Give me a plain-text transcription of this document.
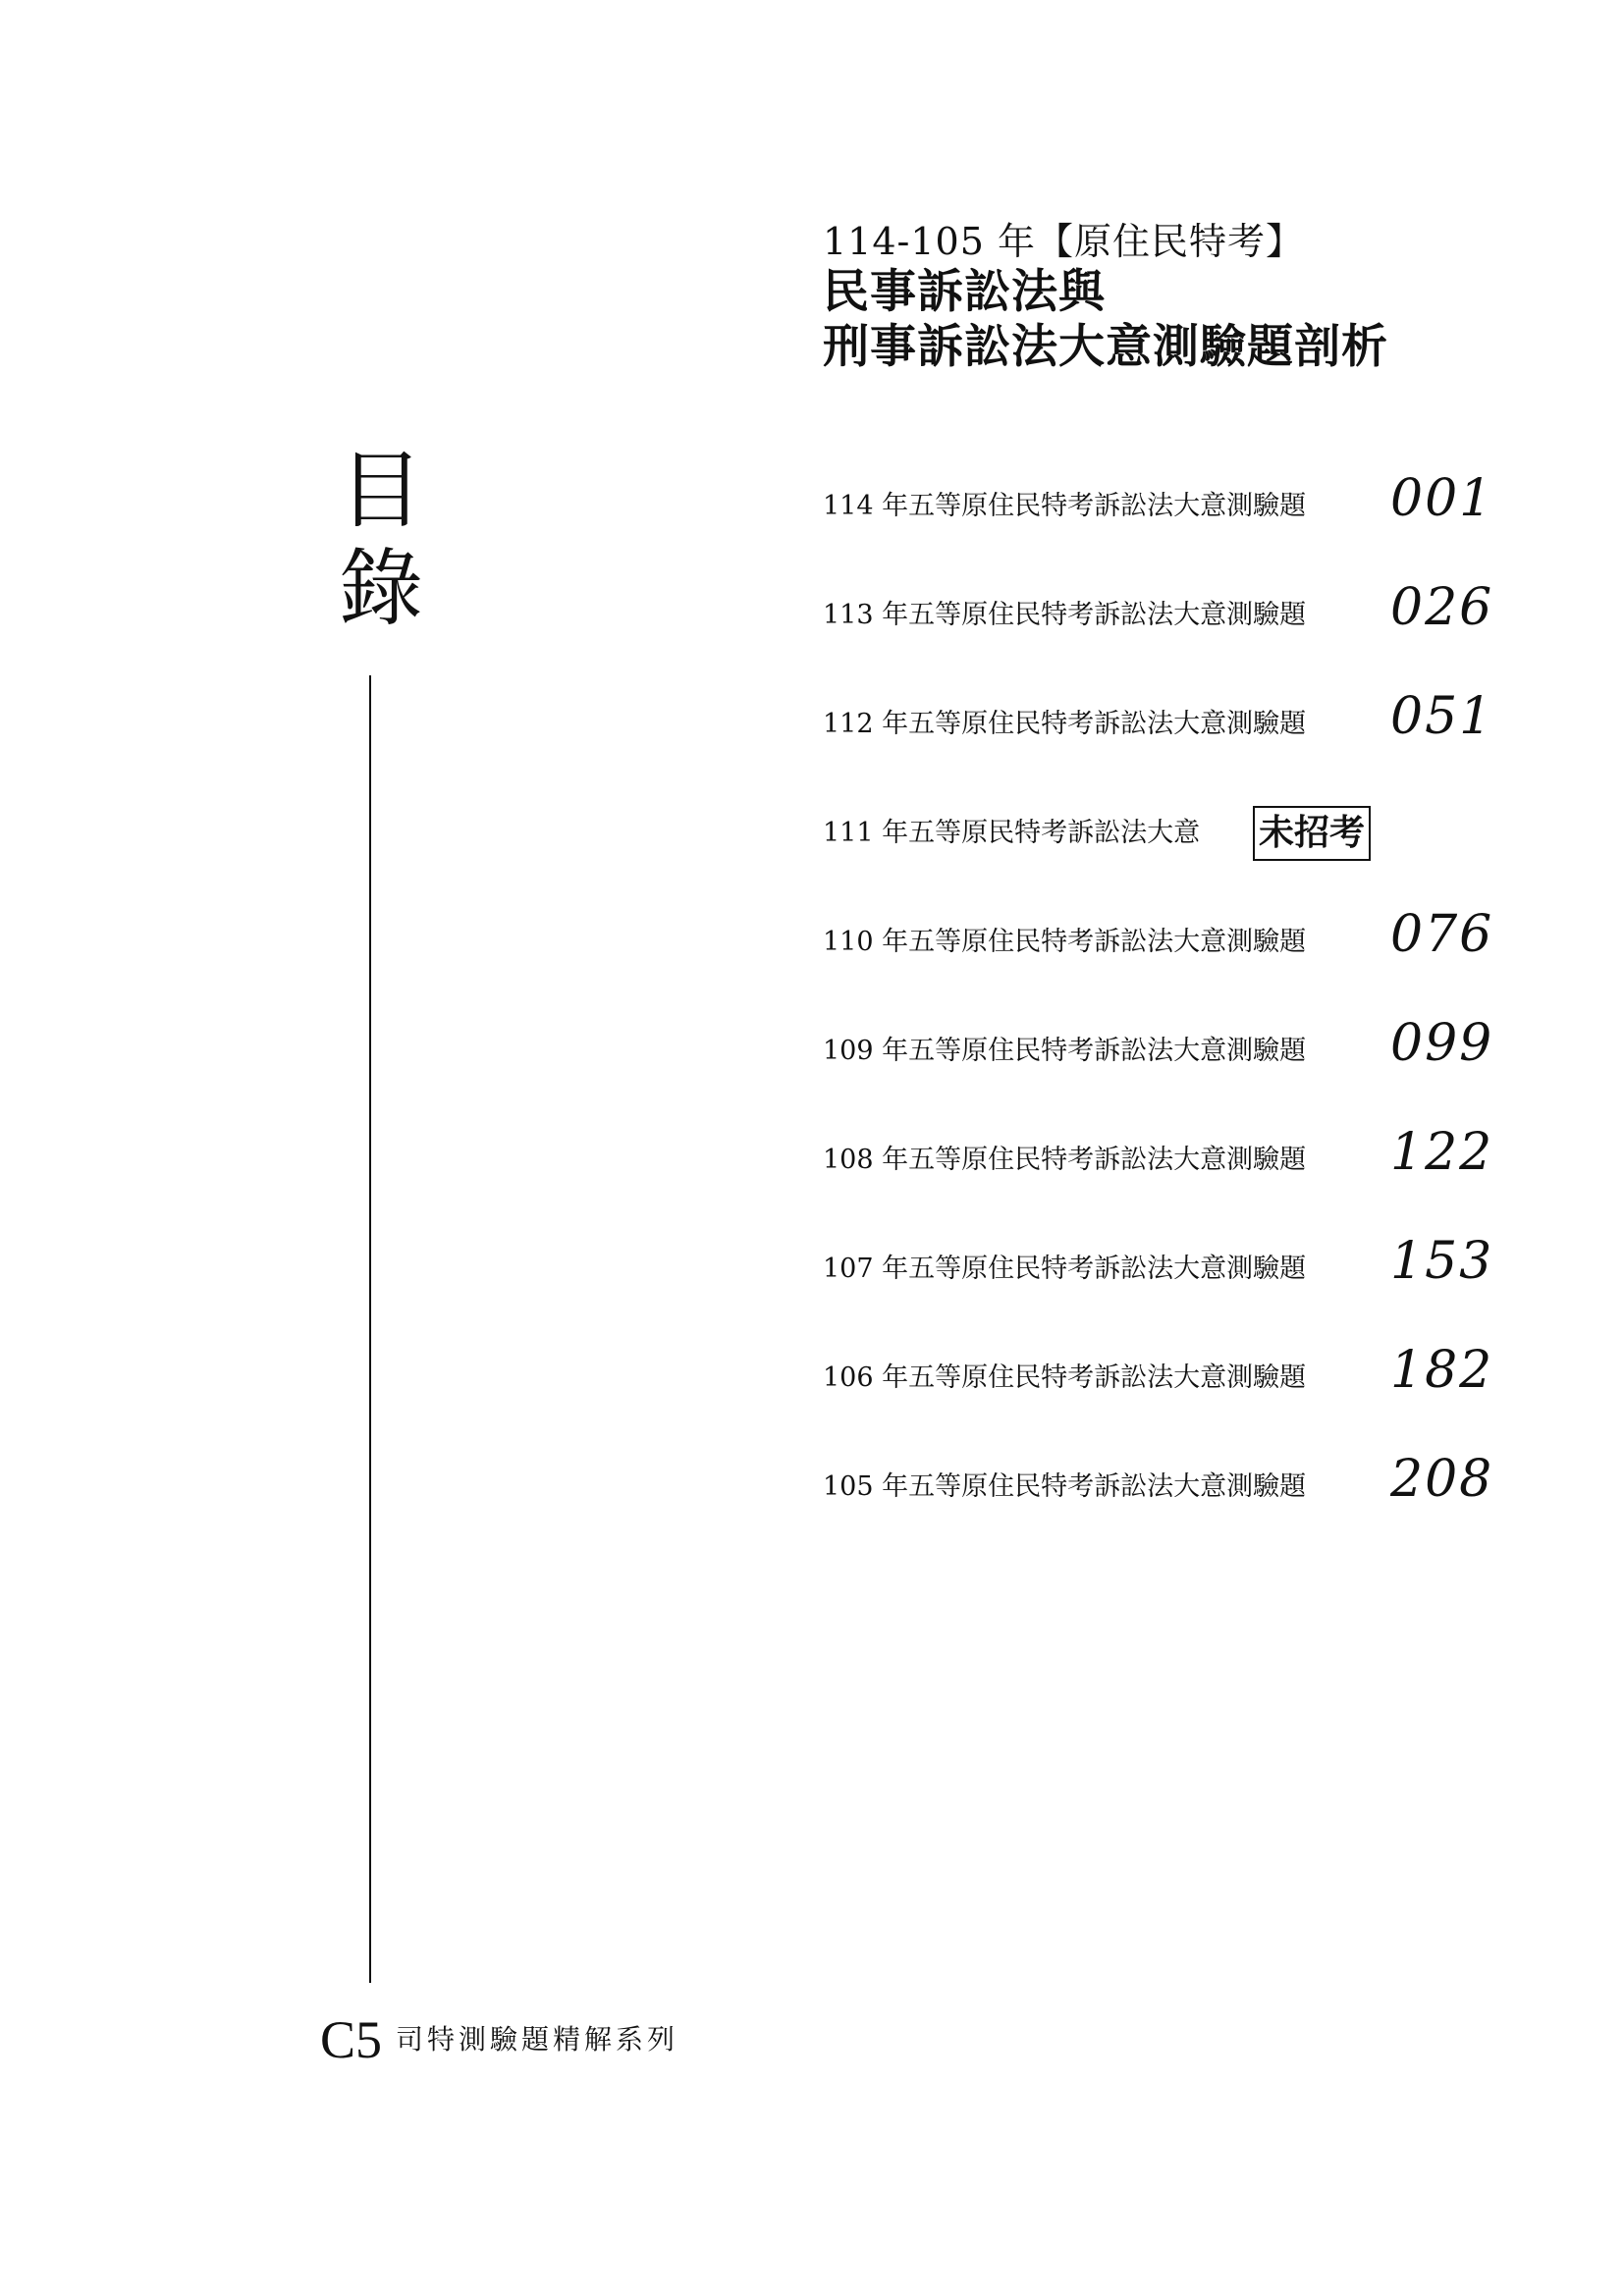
目
錄
114-105 年【原住民特考】
民事訴訟法與
刑事訴訟法大意測驗題剖析
114 年五等原住民特考訴訟法大意測驗題 001
113 年五等原住民特考訴訟法大意測驗題 026
112 年五等原住民特考訴訟法大意測驗題 051
111 年五等原民特考訴訟法大意 未招考
110 年五等原住民特考訴訟法大意測驗題 076
109 年五等原住民特考訴訟法大意測驗題 099
108 年五等原住民特考訴訟法大意測驗題 122
107 年五等原住民特考訴訟法大意測驗題 153
106 年五等原住民特考訴訟法大意測驗題 182
105 年五等原住民特考訴訟法大意測驗題 208
C5 司特測驗題精解系列
